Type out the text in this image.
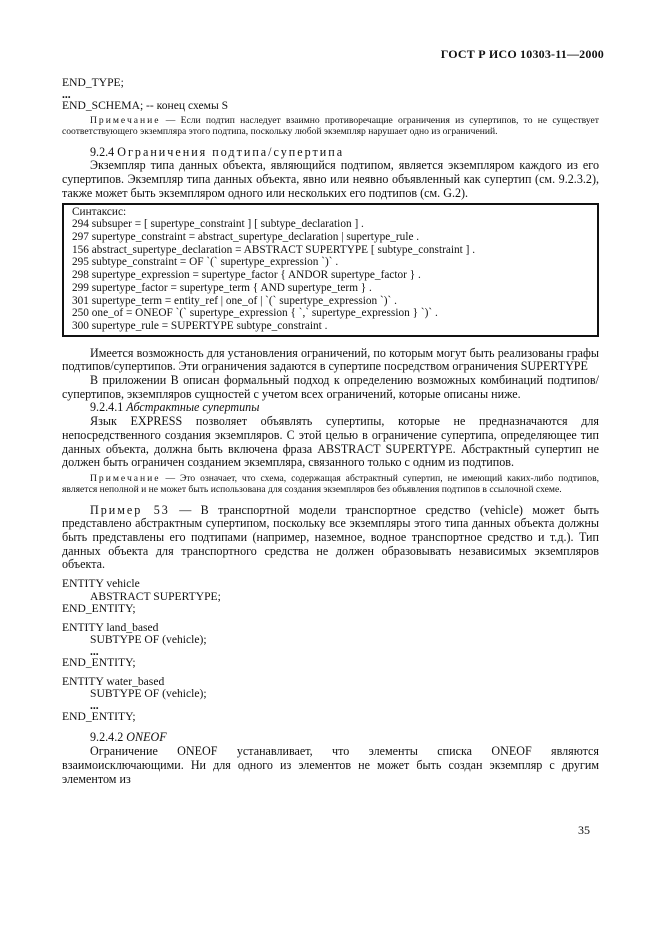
ГОСТ Р ИСО 10303-11—2000
END_TYPE;
...
END_SCHEMA; -- конец схемы S
Примечание — Если подтип наследует взаимно противоречащие ограничения из супертипов, то не существует соответствующего экземпляра этого подтипа, поскольку любой экземпляр нарушает одно из ограничений.
9.2.4 Ограничения подтипа/супертипа

Экземпляр типа данных объекта, являющийся подтипом, является экземпляром каждого из его супертипов. Экземпляр типа данных объекта, явно или неявно объявленный как супертип (см. 9.2.3.2), также может быть экземпляром одного или нескольких его подтипов (см. G.2).

Синтаксис:
294 subsuper = [ supertype_constraint ] [ subtype_declaration ] .
297 supertype_constraint = abstract_supertype_declaration | supertype_rule .
156 abstract_supertype_declaration = ABSTRACT SUPERTYPE [ subtype_constraint ] .
295 subtype_constraint = OF `(` supertype_expression `)` .
298 supertype_expression = supertype_factor { ANDOR supertype_factor } .
299 supertype_factor = supertype_term { AND supertype_term } .
301 supertype_term = entity_ref | one_of | `(` supertype_expression `)` .
250 one_of = ONEOF `(` supertype_expression { `,` supertype_expression } `)` .
300 supertype_rule = SUPERTYPE subtype_constraint .

Имеется возможность для установления ограничений, по которым могут быть реализованы графы подтипов/супертипов. Эти ограничения задаются в супертипе посредством ограничения SUPERTYPE

В приложении В описан формальный подход к определению возможных комбинаций подтипов/супертипов, экземпляров сущностей с учетом всех ограничений, которые описаны ниже.

9.2.4.1 Абстрактные супертипы

Язык EXPRESS позволяет объявлять супертипы, которые не предназначаются для непосредственного создания экземпляров. С этой целью в ограничение супертипа, определяющее тип данных объекта, должна быть включена фраза ABSTRACT SUPERTYPE. Абстрактный супертип не должен быть ограничен созданием экземпляра, связанного только с одним из подтипов.

Примечание — Это означает, что схема, содержащая абстрактный супертип, не имеющий каких-либо подтипов, является неполной и не может быть использована для создания экземпляров без объявления подтипов в ссылочной схеме.

Пример 53 — В транспортной модели транспортное средство (vehicle) может быть представлено абстрактным супертипом, поскольку все экземпляры этого типа данных объекта должны быть представлены его подтипами (например, наземное, водное транспортное средство и т.д.). Тип данных объекта для транспортного средства не должен образовывать независимых экземпляров объекта.

ENTITY vehicle
ABSTRACT SUPERTYPE;
END_ENTITY;
ENTITY land_based
SUBTYPE OF (vehicle);
...
END_ENTITY;
ENTITY water_based
SUBTYPE OF (vehicle);
...
END_ENTITY;
9.2.4.2 ONEOF

Ограничение ONEOF устанавливает, что элементы списка ONEOF являются взаимоисключающими. Ни для одного из элементов не может быть создан экземпляр с другим элементом из

35
